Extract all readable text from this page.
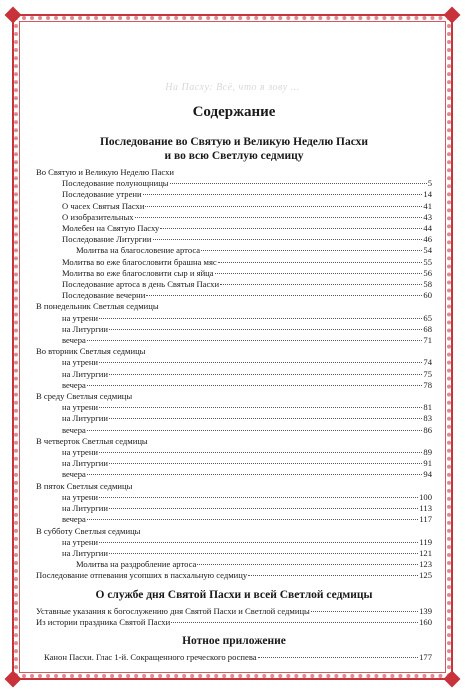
На Пасху: Всё, что я зову ...
Содержание
Последование во Святую и Великую Неделю Пасхи
и во всю Светлую седмицу
Во Святую и Великую Неделю Пасхи
Последование полунощницы	5
Последование утрени	14
О часех Святыя Пасхи	41
О изобразительных	43
Молебен на Святую Пасху	44
Последование Литургии	46
Молитва на благословение артоса	54
Молитва во еже благословити брашна мяс	55
Молитва во еже благословити сыр и яйца	56
Последование артоса в день Святыя Пасхи	58
Последование вечерни	60
В понедельник Светлыя седмицы
на утрени	65
на Литургии	68
вечера	71
Во вторник Светлыя седмицы
на утрени	74
на Литургии	75
вечера	78
В среду Светлыя седмицы
на утрени	81
на Литургии	83
вечера	86
В четверток Светлыя седмицы
на утрени	89
на Литургии	91
вечера	94
В пяток Светлыя седмицы
на утрени	100
на Литургии	113
вечера	117
В субботу Светлыя седмицы
на утрени	119
на Литургии	121
Молитва на раздробление артоса	123
Последование отпевания усопших в пасхальную седмицу	125
О службе дня Святой Пасхи и всей Светлой седмицы
Уставные указания к богослужению дня Святой Пасхи и Светлой седмицы	139
Из истории праздника Святой Пасхи	160
Нотное приложение
Канон Пасхи. Глас 1-й. Сокращенного греческого роспева	177
